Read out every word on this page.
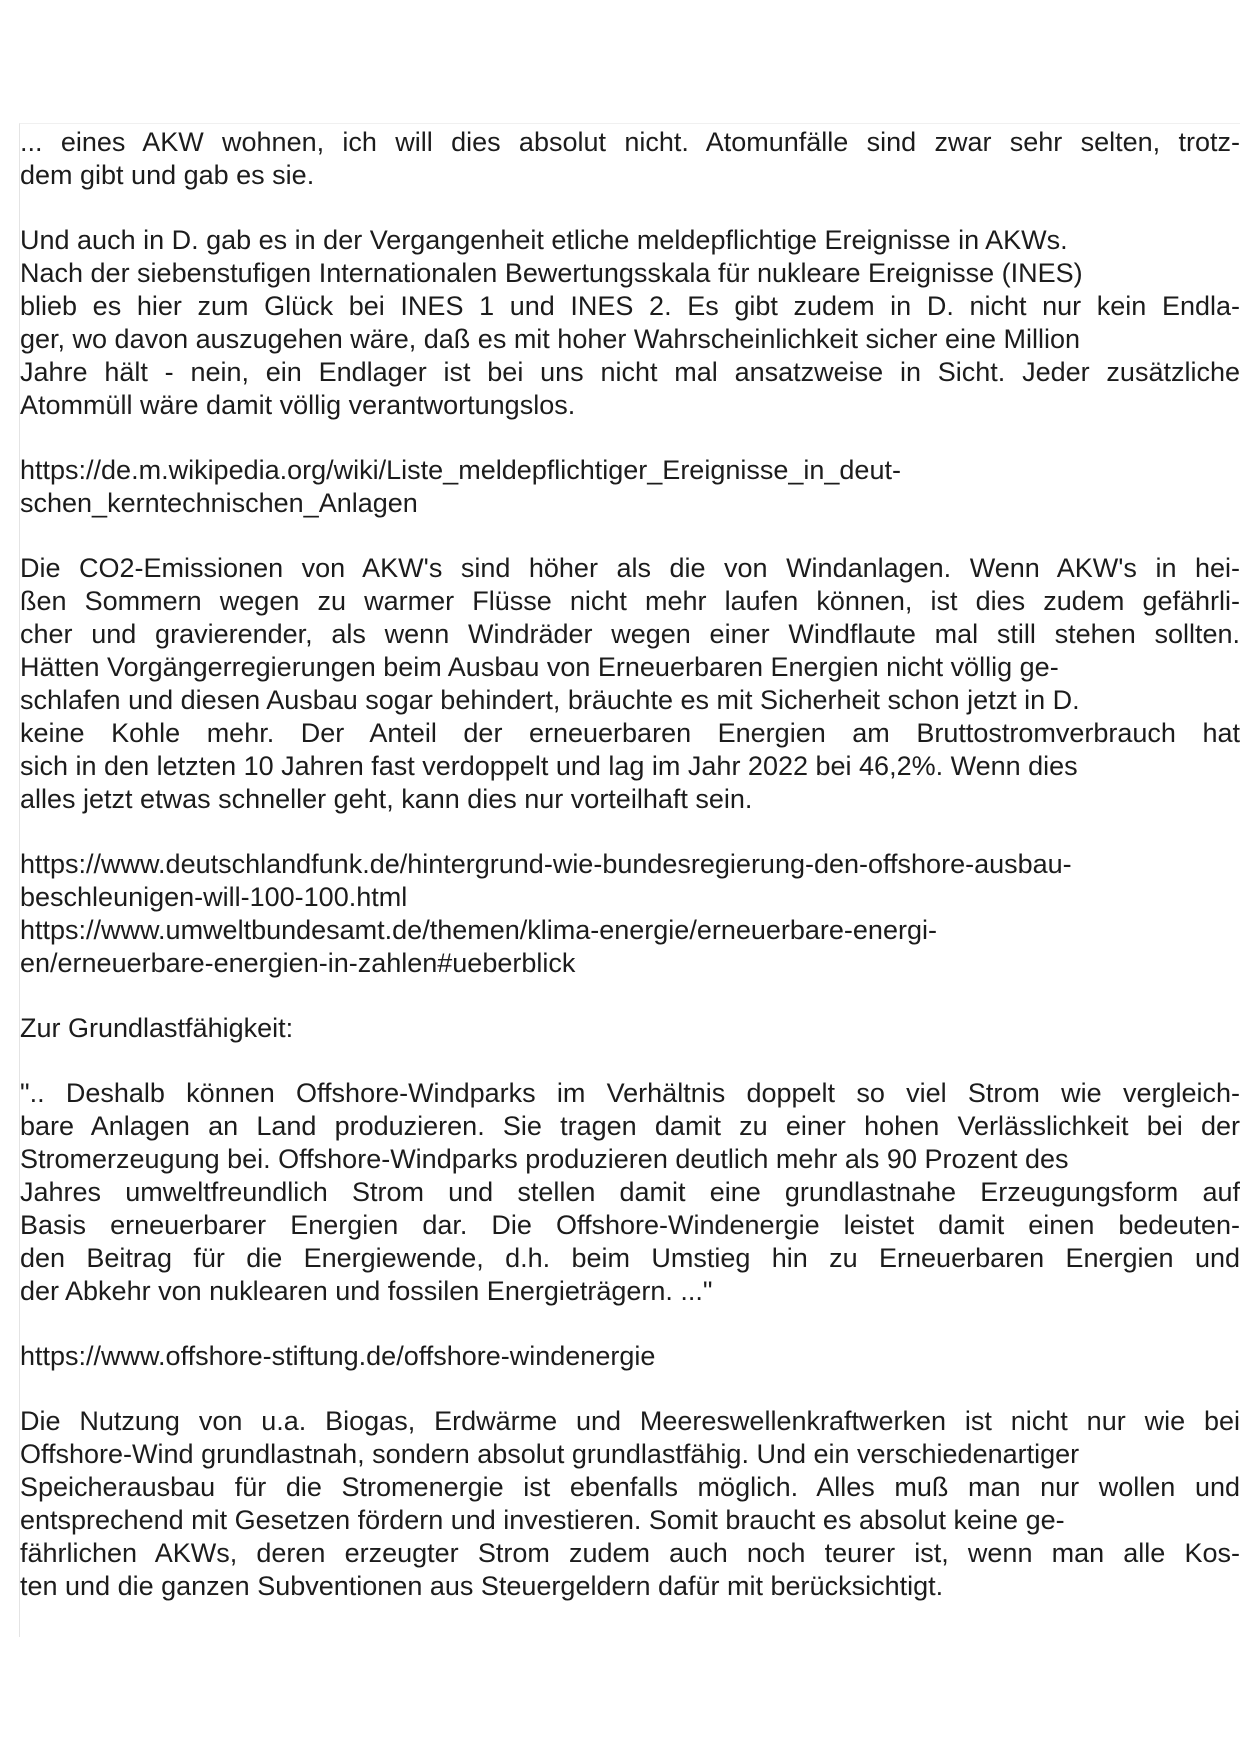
... eines AKW wohnen, ich will dies absolut nicht. Atomunfälle sind zwar sehr selten, trotz-
dem gibt und gab es sie.
Und auch in D. gab es in der Vergangenheit etliche meldepflichtige Ereignisse in AKWs.
Nach der siebenstufigen Internationalen Bewertungsskala für nukleare Ereignisse (INES)
blieb es hier zum Glück bei INES 1 und INES 2. Es gibt zudem in D. nicht nur kein Endla-
ger, wo davon auszugehen wäre, daß es mit hoher Wahrscheinlichkeit sicher eine Million
Jahre hält - nein, ein Endlager ist bei uns nicht mal ansatzweise in Sicht. Jeder zusätzliche
Atommüll wäre damit völlig verantwortungslos.
https://de.m.wikipedia.org/wiki/Liste_meldepflichtiger_Ereignisse_in_deut-
schen_kerntechnischen_Anlagen
Die CO2-Emissionen von AKW's sind höher als die von Windanlagen. Wenn AKW's in hei-
ßen Sommern wegen zu warmer Flüsse nicht mehr laufen können, ist dies zudem gefährli-
cher und gravierender, als wenn Windräder wegen einer Windflaute mal still stehen sollten.
Hätten Vorgängerregierungen beim Ausbau von Erneuerbaren Energien nicht völlig ge-
schlafen und diesen Ausbau sogar behindert, bräuchte es mit Sicherheit schon jetzt in D.
keine Kohle mehr. Der Anteil der erneuerbaren Energien am Bruttostromverbrauch hat
sich in den letzten 10 Jahren fast verdoppelt und lag im Jahr 2022 bei 46,2%. Wenn dies
alles jetzt etwas schneller geht, kann dies nur vorteilhaft sein.
https://www.deutschlandfunk.de/hintergrund-wie-bundesregierung-den-offshore-ausbau-
beschleunigen-will-100-100.html
https://www.umweltbundesamt.de/themen/klima-energie/erneuerbare-energi-
en/erneuerbare-energien-in-zahlen#ueberblick
Zur Grundlastfähigkeit:
".. Deshalb können Offshore-Windparks im Verhältnis doppelt so viel Strom wie vergleich-
bare Anlagen an Land produzieren. Sie tragen damit zu einer hohen Verlässlichkeit bei der
Stromerzeugung bei. Offshore-Windparks produzieren deutlich mehr als 90 Prozent des
Jahres umweltfreundlich Strom und stellen damit eine grundlastnahe Erzeugungsform auf
Basis erneuerbarer Energien dar. Die Offshore-Windenergie leistet damit einen bedeuten-
den Beitrag für die Energiewende, d.h. beim Umstieg hin zu Erneuerbaren Energien und
der Abkehr von nuklearen und fossilen Energieträgern. ..."
https://www.offshore-stiftung.de/offshore-windenergie
Die Nutzung von u.a. Biogas, Erdwärme und Meereswellenkraftwerken ist nicht nur wie bei
Offshore-Wind grundlastnah, sondern absolut grundlastfähig. Und ein verschiedenartiger
Speicherausbau für die Stromenergie ist ebenfalls möglich. Alles muß man nur wollen und
entsprechend mit Gesetzen fördern und investieren. Somit braucht es absolut keine ge-
fährlichen AKWs, deren erzeugter Strom zudem auch noch teurer ist, wenn man alle Kos-
ten und die ganzen Subventionen aus Steuergeldern dafür mit berücksichtigt.
